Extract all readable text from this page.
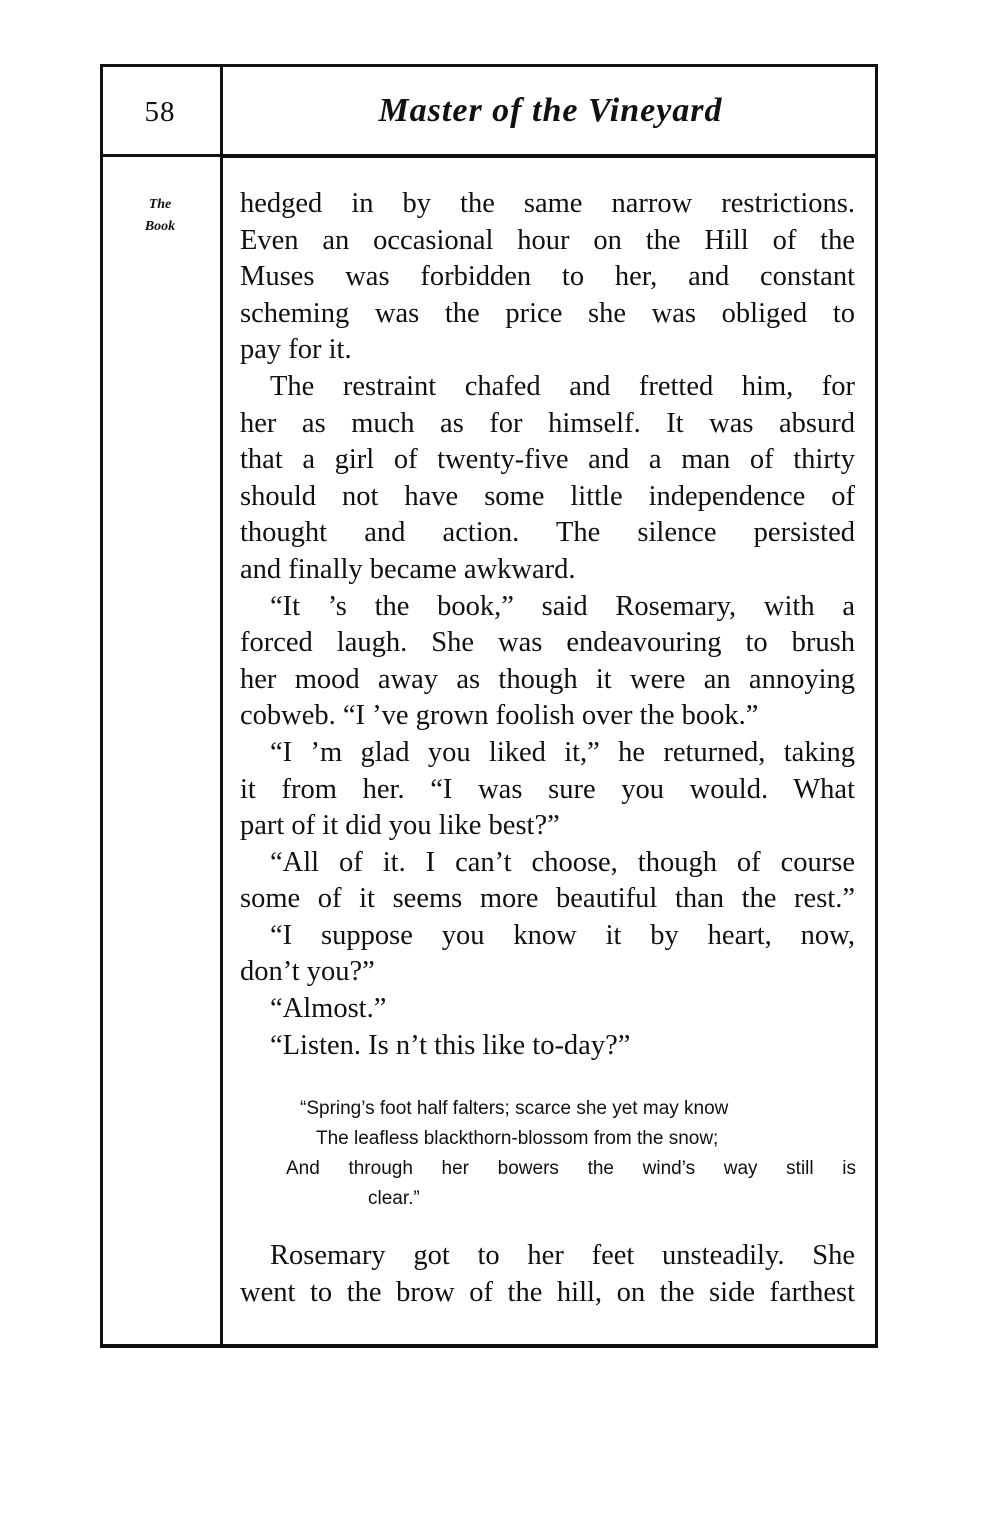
58	Master of the Vineyard
The
Book
hedged in by the same narrow restrictions.
Even an occasional hour on the Hill of the
Muses was forbidden to her, and constant
scheming was the price she was obliged to
pay for it.
The restraint chafed and fretted him, for
her as much as for himself. It was absurd
that a girl of twenty-five and a man of thirty
should not have some little independence of
thought and action. The silence persisted
and finally became awkward.
“It ’s the book,” said Rosemary, with a
forced laugh. She was endeavouring to brush
her mood away as though it were an annoying
cobweb. “I ’ve grown foolish over the book.”
“I ’m glad you liked it,” he returned, taking
it from her. “I was sure you would. What
part of it did you like best?”
“All of it. I can’t choose, though of course
some of it seems more beautiful than the rest.”
“I suppose you know it by heart, now,
don’t you?”
“Almost.”
“Listen. Is n’t this like to-day?”
“Spring’s foot half falters; scarce she yet may know
The leafless blackthorn-blossom from the snow;
And through her bowers the wind’s way still is
clear.”
Rosemary got to her feet unsteadily. She
went to the brow of the hill, on the side farthest
